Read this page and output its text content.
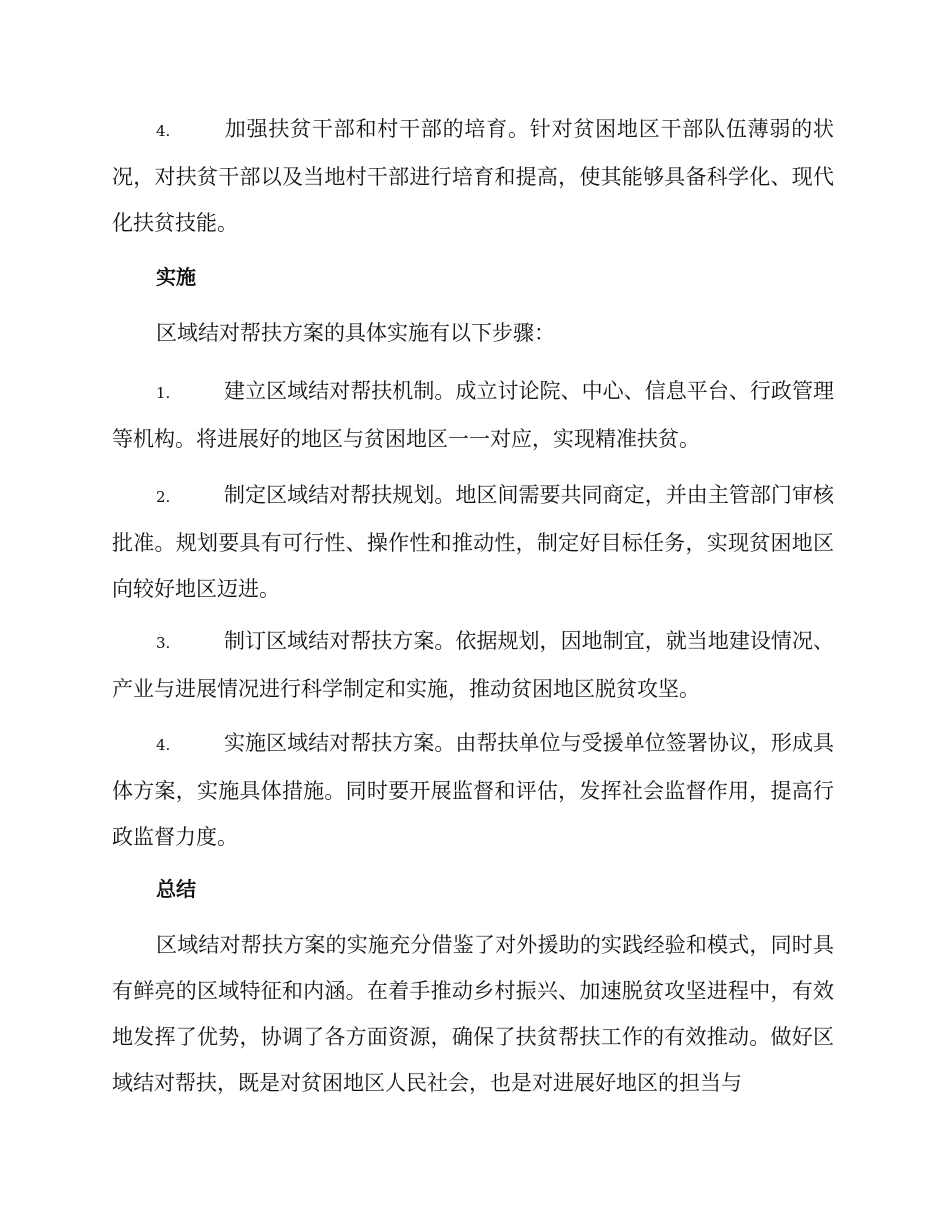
4.	加强扶贫干部和村干部的培育。针对贫困地区干部队伍薄弱的状况，对扶贫干部以及当地村干部进行培育和提高，使其能够具备科学化、现代化扶贫技能。

实施

区域结对帮扶方案的具体实施有以下步骤：

1.	建立区域结对帮扶机制。成立讨论院、中心、信息平台、行政管理等机构。将进展好的地区与贫困地区一一对应，实现精准扶贫。

2.	制定区域结对帮扶规划。地区间需要共同商定，并由主管部门审核批准。规划要具有可行性、操作性和推动性，制定好目标任务，实现贫困地区向较好地区迈进。

3.	制订区域结对帮扶方案。依据规划，因地制宜，就当地建设情况、产业与进展情况进行科学制定和实施，推动贫困地区脱贫攻坚。

4.	实施区域结对帮扶方案。由帮扶单位与受援单位签署协议，形成具体方案，实施具体措施。同时要开展监督和评估，发挥社会监督作用，提高行政监督力度。

总结

区域结对帮扶方案的实施充分借鉴了对外援助的实践经验和模式，同时具有鲜亮的区域特征和内涵。在着手推动乡村振兴、加速脱贫攻坚进程中，有效地发挥了优势，协调了各方面资源，确保了扶贫帮扶工作的有效推动。做好区域结对帮扶，既是对贫困地区人民社会，也是对进展好地区的担当与
